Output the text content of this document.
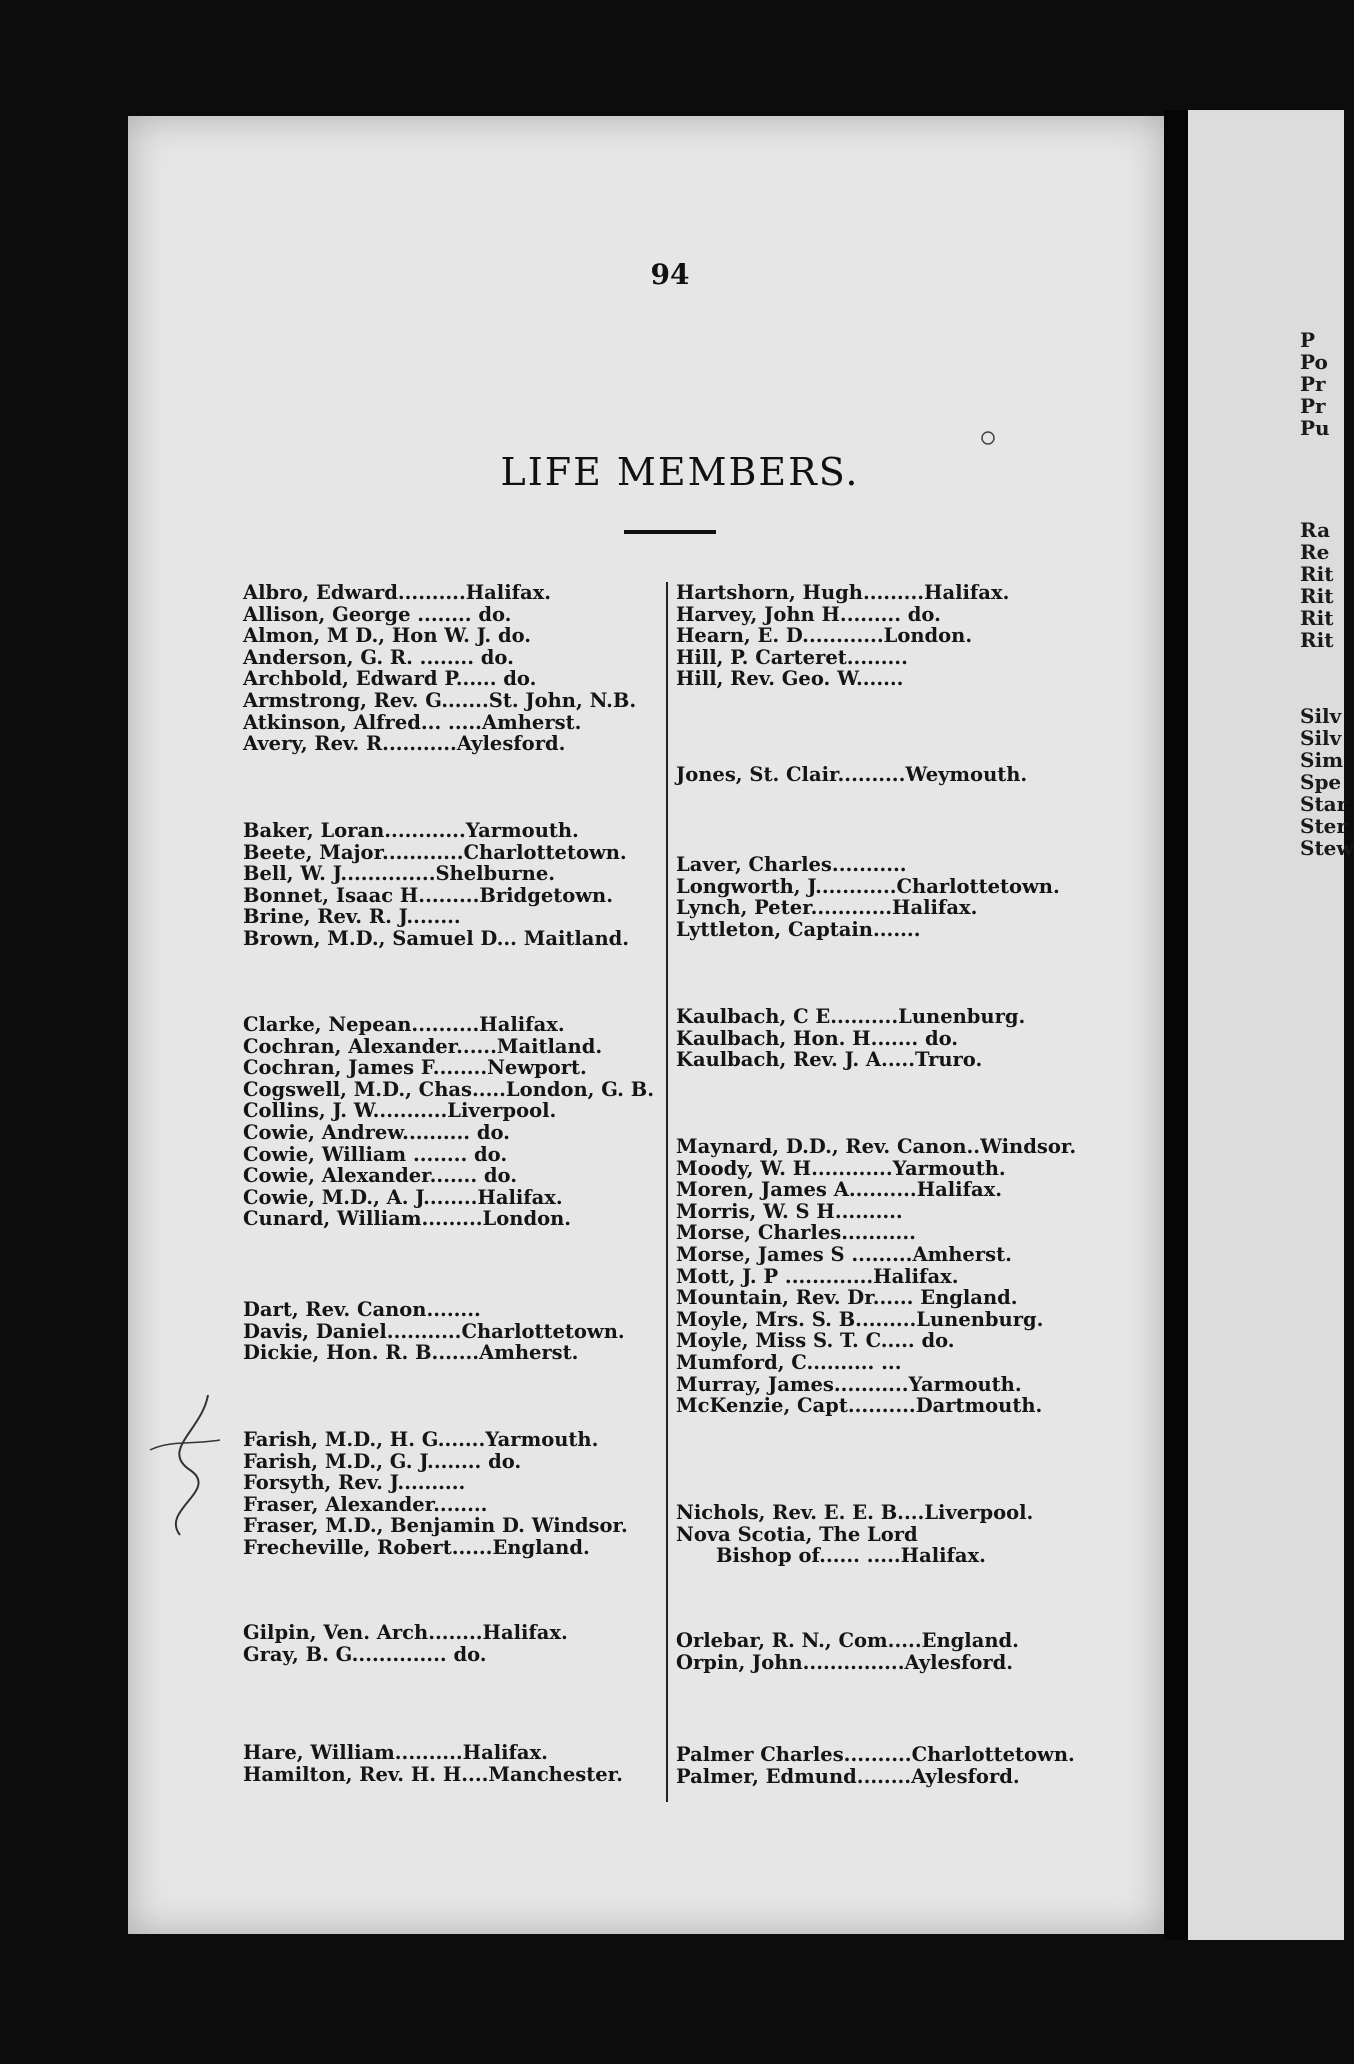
P
Po
Pr
Pr
Pu
Ra
Re
Rit
Rit
Rit
Rit
Silv
Silv
Sim
Spe
Star
Ster
Stew
94
LIFE MEMBERS.
Albro, Edward..........Halifax.
Allison, George ........ do.
Almon, M D., Hon W. J. do.
Anderson, G. R. ........ do.
Archbold, Edward P...... do.
Armstrong, Rev. G.......St. John, N.B.
Atkinson, Alfred... .....Amherst.
Avery, Rev. R...........Aylesford.
Baker, Loran............Yarmouth.
Beete, Major............Charlottetown.
Bell, W. J..............Shelburne.
Bonnet, Isaac H.........Bridgetown.
Brine, Rev. R. J........
Brown, M.D., Samuel D... Maitland.
Clarke, Nepean..........Halifax.
Cochran, Alexander......Maitland.
Cochran, James F........Newport.
Cogswell, M.D., Chas.....London, G. B.
Collins, J. W...........Liverpool.
Cowie, Andrew.......... do.
Cowie, William ........ do.
Cowie, Alexander....... do.
Cowie, M.D., A. J........Halifax.
Cunard, William.........London.
Dart, Rev. Canon........
Davis, Daniel...........Charlottetown.
Dickie, Hon. R. B.......Amherst.
Farish, M.D., H. G.......Yarmouth.
Farish, M.D., G. J........ do.
Forsyth, Rev. J..........
Fraser, Alexander........
Fraser, M.D., Benjamin D. Windsor.
Frecheville, Robert......England.
Gilpin, Ven. Arch........Halifax.
Gray, B. G.............. do.
Hare, William..........Halifax.
Hamilton, Rev. H. H....Manchester.
Hartshorn, Hugh.........Halifax.
Harvey, John H......... do.
Hearn, E. D............London.
Hill, P. Carteret.........
Hill, Rev. Geo. W.......
Jones, St. Clair..........Weymouth.
Laver, Charles...........
Longworth, J............Charlottetown.
Lynch, Peter............Halifax.
Lyttleton, Captain.......
Kaulbach, C E..........Lunenburg.
Kaulbach, Hon. H....... do.
Kaulbach, Rev. J. A.....Truro.
Maynard, D.D., Rev. Canon..Windsor.
Moody, W. H............Yarmouth.
Moren, James A..........Halifax.
Morris, W. S H..........
Morse, Charles...........
Morse, James S .........Amherst.
Mott, J. P .............Halifax.
Mountain, Rev. Dr...... England.
Moyle, Mrs. S. B.........Lunenburg.
Moyle, Miss S. T. C..... do.
Mumford, C.......... ...
Murray, James...........Yarmouth.
McKenzie, Capt..........Dartmouth.
Nichols, Rev. E. E. B....Liverpool.
Nova Scotia, The Lord
Bishop of...... .....Halifax.
Orlebar, R. N., Com.....England.
Orpin, John...............Aylesford.
Palmer Charles..........Charlottetown.
Palmer, Edmund........Aylesford.
